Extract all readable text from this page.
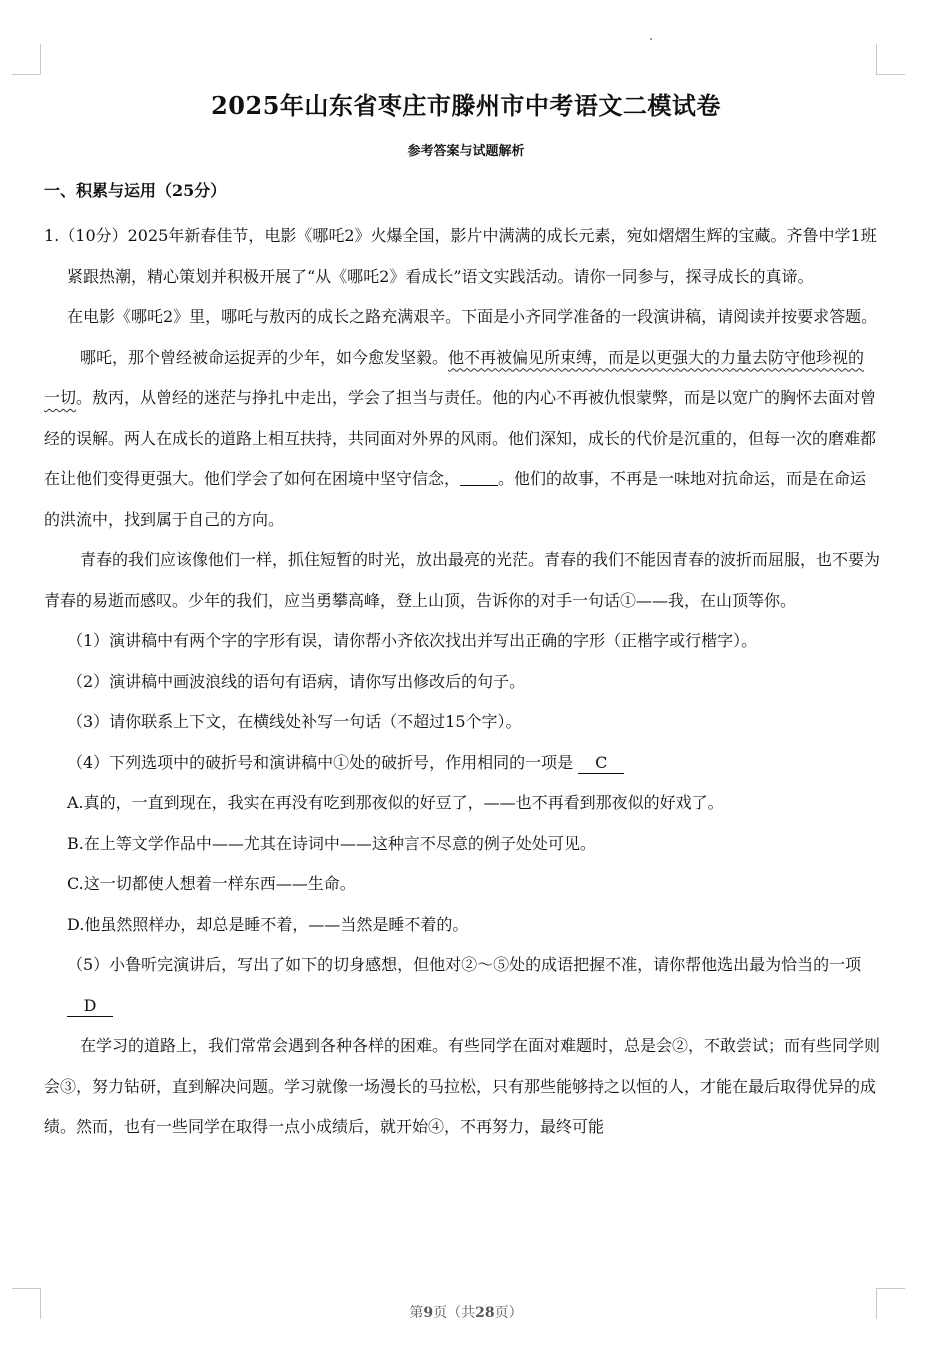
2025年山东省枣庄市滕州市中考语文二模试卷
参考答案与试题解析
一、积累与运用（25分）

1.（10分）2025年新春佳节，电影《哪吒2》火爆全国，影片中满满的成长元素，宛如熠熠生辉的宝藏。齐鲁中学1班紧跟热潮，精心策划并积极开展了“从《哪吒2》看成长”语文实践活动。请你一同参与，探寻成长的真谛。

在电影《哪吒2》里，哪吒与敖丙的成长之路充满艰辛。下面是小齐同学准备的一段演讲稿，请阅读并按要求答题。

哪吒，那个曾经被命运捉弄的少年，如今愈发坚毅。他不再被偏见所束缚，而是以更强大的力量去防守他珍视的一切。敖丙，从曾经的迷茫与挣扎中走出，学会了担当与责任。他的内心不再被仇恨蒙弊，而是以宽广的胸怀去面对曾经的误解。两人在成长的道路上相互扶持，共同面对外界的风雨。他们深知，成长的代价是沉重的，但每一次的磨难都在让他们变得更强大。他们学会了如何在困境中坚守信念， 。他们的故事，不再是一味地对抗命运，而是在命运的洪流中，找到属于自己的方向。

青春的我们应该像他们一样，抓住短暂的时光，放出最亮的光茫。青春的我们不能因青春的波折而屈服，也不要为青春的易逝而感叹。少年的我们，应当勇攀高峰，登上山顶，告诉你的对手一句话①——我，在山顶等你。

（1）演讲稿中有两个字的字形有误，请你帮小齐依次找出并写出正确的字形（正楷字或行楷字）。

（2）演讲稿中画波浪线的语句有语病，请你写出修改后的句子。

（3）请你联系上下文，在横线处补写一句话（不超过15个字）。

（4）下列选项中的破折号和演讲稿中①处的破折号，作用相同的一项是 C

A.真的，一直到现在，我实在再没有吃到那夜似的好豆了，——也不再看到那夜似的好戏了。

B.在上等文学作品中——尤其在诗词中——这种言不尽意的例子处处可见。

C.这一切都使人想着一样东西——生命。

D.他虽然照样办，却总是睡不着，——当然是睡不着的。

（5）小鲁听完演讲后，写出了如下的切身感想，但他对②～⑤处的成语把握不准，请你帮他选出最为恰当的一项 D

在学习的道路上，我们常常会遇到各种各样的困难。有些同学在面对难题时，总是会②，不敢尝试；而有些同学则会③，努力钻研，直到解决问题。学习就像一场漫长的马拉松，只有那些能够持之以恒的人，才能在最后取得优异的成绩。然而，也有一些同学在取得一点小成绩后，就开始④，不再努力，最终可能

第9页（共28页）
